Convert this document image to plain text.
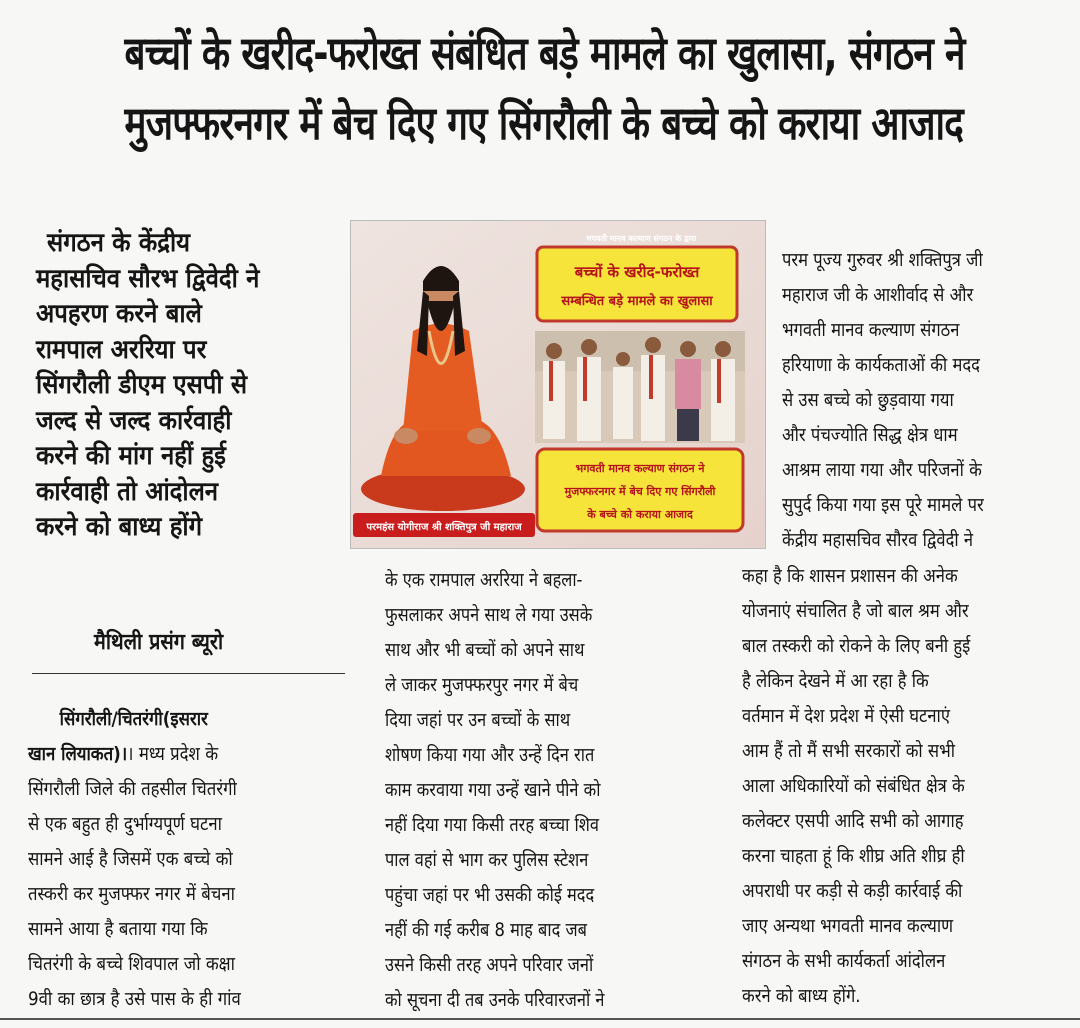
बच्चों के खरीद-फरोख्त संबंधित बड़े मामले का खुलासा, संगठन ने
मुजफ्फरनगर में बेच दिए गए सिंगरौली के बच्चे को कराया आजाद
संगठन के केंद्रीय
महासचिव सौरभ द्विवेदी ने
अपहरण करने बाले
रामपाल अररिया पर
सिंगरौली डीएम एसपी से
जल्द से जल्द कार्रवाही
करने की मांग नहीं हुई
कार्रवाही तो आंदोलन
करने को बाध्य होंगे
मैथिली प्रसंग ब्यूरो
परमहंस योगीराज श्री शक्तिपुत्र जी महाराज
भगवती मानव कल्याण संगठन के द्वारा
बच्चों के खरीद-फरोख्त
सम्बन्धित बड़े मामले का खुलासा
भगवती मानव कल्याण संगठन ने
मुजफ्फरनगर में बेच दिए गए सिंगरौली
के बच्चे को कराया आजाद
सिंगरौली/चितरंगी(इसरार
खान लियाकत)।। मध्य प्रदेश के
सिंगरौली जिले की तहसील चितरंगी
से एक बहुत ही दुर्भाग्यपूर्ण घटना
सामने आई है जिसमें एक बच्चे को
तस्करी कर मुजफ्फर नगर में बेचना
सामने आया है बताया गया कि
चितरंगी के बच्चे शिवपाल जो कक्षा
9वी का छात्र है उसे पास के ही गांव
के एक रामपाल अररिया ने बहला-
फुसलाकर अपने साथ ले गया उसके
साथ और भी बच्चों को अपने साथ
ले जाकर मुजफ्फरपुर नगर में बेच
दिया जहां पर उन बच्चों के साथ
शोषण किया गया और उन्हें दिन रात
काम करवाया गया उन्हें खाने पीने को
नहीं दिया गया किसी तरह बच्चा शिव
पाल वहां से भाग कर पुलिस स्टेशन
पहुंचा जहां पर भी उसकी कोई मदद
नहीं की गई करीब 8 माह बाद जब
उसने किसी तरह अपने परिवार जनों
को सूचना दी तब उनके परिवारजनों ने
परम पूज्य गुरुवर श्री शक्तिपुत्र जी
महाराज जी के आशीर्वाद से और
भगवती मानव कल्याण संगठन
हरियाणा के कार्यकताओं की मदद
से उस बच्चे को छुड़वाया गया
और पंचज्योति सिद्ध क्षेत्र धाम
आश्रम लाया गया और परिजनों के
सुपुर्द किया गया इस पूरे मामले पर
केंद्रीय महासचिव सौरव द्विवेदी ने
कहा है कि शासन प्रशासन की अनेक
योजनाएं संचालित है जो बाल श्रम और
बाल तस्करी को रोकने के लिए बनी हुई
है लेकिन देखने में आ रहा है कि
वर्तमान में देश प्रदेश में ऐसी घटनाएं
आम हैं तो मैं सभी सरकारों को सभी
आला अधिकारियों को संबंधित क्षेत्र के
कलेक्टर एसपी आदि सभी को आगाह
करना चाहता हूं कि शीघ्र अति शीघ्र ही
अपराधी पर कड़ी से कड़ी कार्रवाई की
जाए अन्यथा भगवती मानव कल्याण
संगठन के सभी कार्यकर्ता आंदोलन
करने को बाध्य होंगे.
